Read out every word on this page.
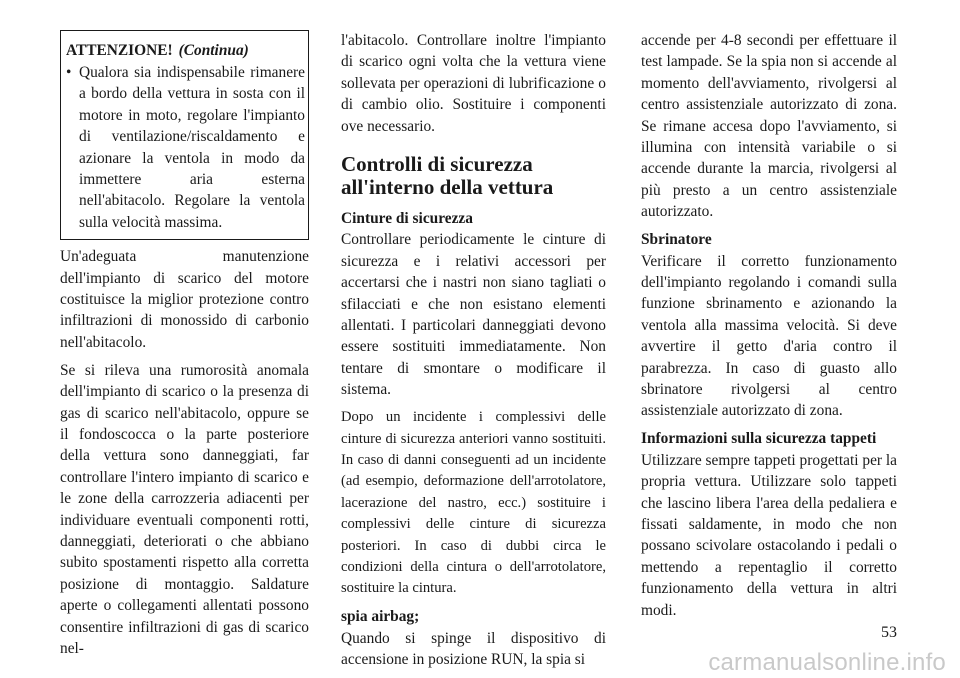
ATTENZIONE! (Continua)
• Qualora sia indispensabile rimanere a bordo della vettura in sosta con il motore in moto, regolare l'impianto di ventilazione/riscaldamento e azionare la ventola in modo da immettere aria esterna nell'abitacolo. Regolare la ventola sulla velocità massima.

Un'adeguata manutenzione dell'impianto di scarico del motore costituisce la miglior protezione contro infiltrazioni di monossido di carbonio nell'abitacolo.

Se si rileva una rumorosità anomala dell'impianto di scarico o la presenza di gas di scarico nell'abitacolo, oppure se il fondoscocca o la parte posteriore della vettura sono danneggiati, far controllare l'intero impianto di scarico e le zone della carrozzeria adiacenti per individuare eventuali componenti rotti, danneggiati, deteriorati o che abbiano subito spostamenti rispetto alla corretta posizione di montaggio. Saldature aperte o collegamenti allentati possono consentire infiltrazioni di gas di scarico nel-

l'abitacolo. Controllare inoltre l'impianto di scarico ogni volta che la vettura viene sollevata per operazioni di lubrificazione o di cambio olio. Sostituire i componenti ove necessario.

Controlli di sicurezza all'interno della vettura

Cinture di sicurezza
Controllare periodicamente le cinture di sicurezza e i relativi accessori per accertarsi che i nastri non siano tagliati o sfilacciati e che non esistano elementi allentati. I particolari danneggiati devono essere sostituiti immediatamente. Non tentare di smontare o modificare il sistema.

Dopo un incidente i complessivi delle cinture di sicurezza anteriori vanno sostituiti. In caso di danni conseguenti ad un incidente (ad esempio, deformazione dell'arrotolatore, lacerazione del nastro, ecc.) sostituire i complessivi delle cinture di sicurezza posteriori. In caso di dubbi circa le condizioni della cintura o dell'arrotolatore, sostituire la cintura.

spia airbag;
Quando si spinge il dispositivo di accensione in posizione RUN, la spia si

accende per 4-8 secondi per effettuare il test lampade. Se la spia non si accende al momento dell'avviamento, rivolgersi al centro assistenziale autorizzato di zona. Se rimane accesa dopo l'avviamento, si illumina con intensità variabile o si accende durante la marcia, rivolgersi al più presto a un centro assistenziale autorizzato.

Sbrinatore
Verificare il corretto funzionamento dell'impianto regolando i comandi sulla funzione sbrinamento e azionando la ventola alla massima velocità. Si deve avvertire il getto d'aria contro il parabrezza. In caso di guasto allo sbrinatore rivolgersi al centro assistenziale autorizzato di zona.

Informazioni sulla sicurezza tappeti
Utilizzare sempre tappeti progettati per la propria vettura. Utilizzare solo tappeti che lascino libera l'area della pedaliera e fissati saldamente, in modo che non possano scivolare ostacolando i pedali o mettendo a repentaglio il corretto funzionamento della vettura in altri modi.

53
carmanualsonline.info
